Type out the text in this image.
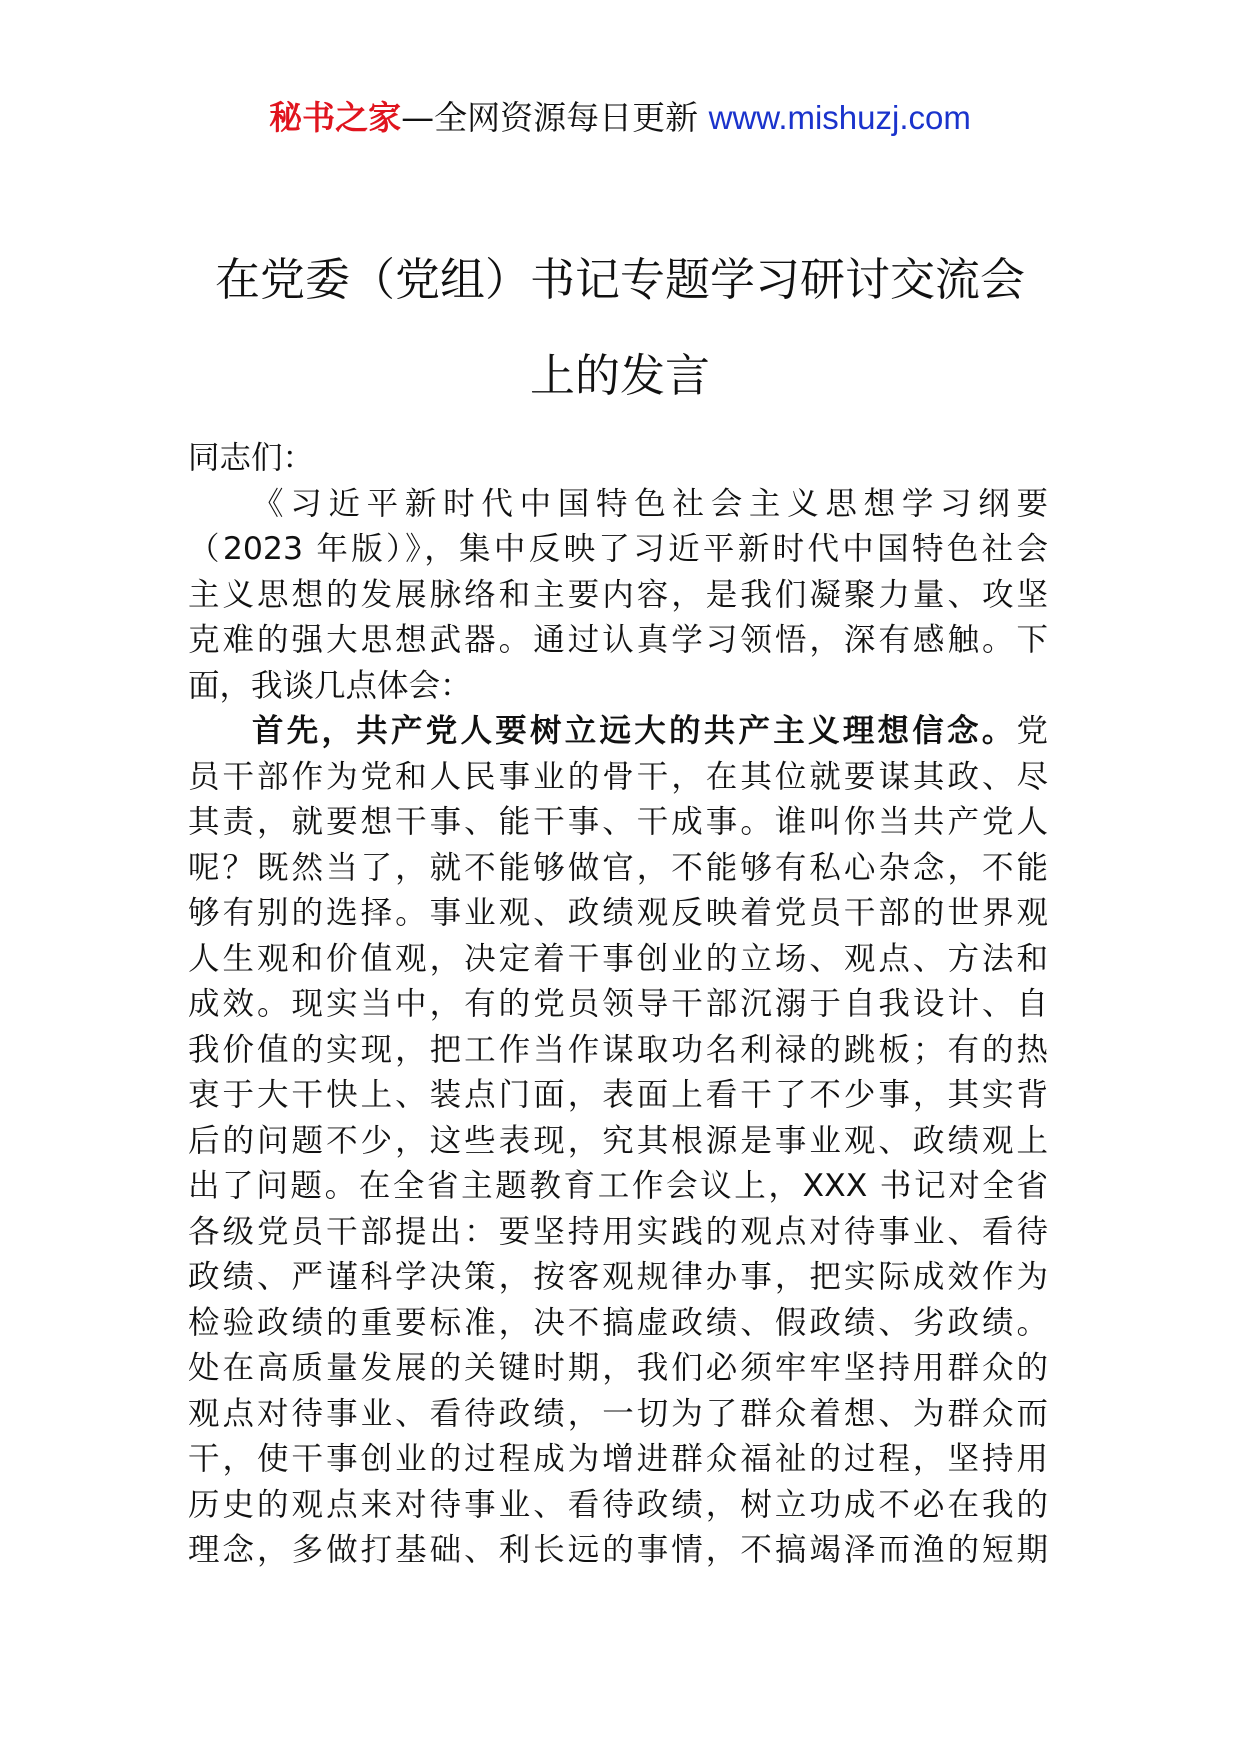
秘书之家—全网资源每日更新 www.mishuzj.com
在党委（党组）书记专题学习研讨交流会
上的发言
同志们：
《习近平新时代中国特色社会主义思想学习纲要
（2023 年版）》，集中反映了习近平新时代中国特色社会
主义思想的发展脉络和主要内容，是我们凝聚力量、攻坚
克难的强大思想武器。通过认真学习领悟，深有感触。下
面，我谈几点体会：
首先，共产党人要树立远大的共产主义理想信念。党
员干部作为党和人民事业的骨干，在其位就要谋其政、尽
其责，就要想干事、能干事、干成事。谁叫你当共产党人
呢？既然当了，就不能够做官，不能够有私心杂念，不能
够有别的选择。事业观、政绩观反映着党员干部的世界观
人生观和价值观，决定着干事创业的立场、观点、方法和
成效。现实当中，有的党员领导干部沉溺于自我设计、自
我价值的实现，把工作当作谋取功名利禄的跳板；有的热
衷于大干快上、装点门面，表面上看干了不少事，其实背
后的问题不少，这些表现，究其根源是事业观、政绩观上
出了问题。在全省主题教育工作会议上，XXX 书记对全省
各级党员干部提出：要坚持用实践的观点对待事业、看待
政绩、严谨科学决策，按客观规律办事，把实际成效作为
检验政绩的重要标准，决不搞虚政绩、假政绩、劣政绩。
处在高质量发展的关键时期，我们必须牢牢坚持用群众的
观点对待事业、看待政绩，一切为了群众着想、为群众而
干，使干事创业的过程成为增进群众福祉的过程，坚持用
历史的观点来对待事业、看待政绩，树立功成不必在我的
理念，多做打基础、利长远的事情，不搞竭泽而渔的短期
